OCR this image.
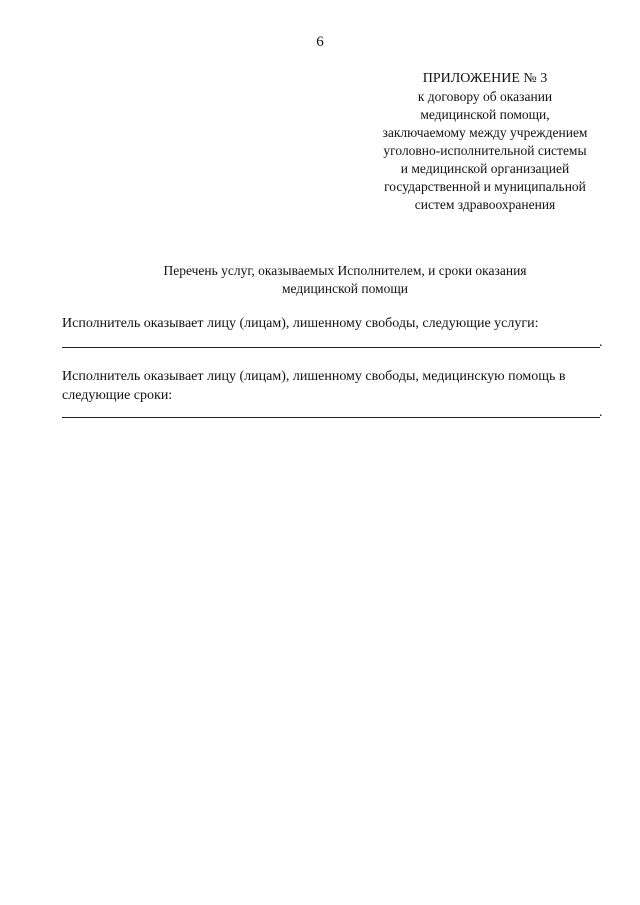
6
ПРИЛОЖЕНИЕ № 3
к договору об оказании
медицинской помощи,
заключаемому между учреждением
уголовно-исполнительной системы
и медицинской организацией
государственной и муниципальной
систем здравоохранения
Перечень услуг, оказываемых Исполнителем, и сроки оказания
медицинской помощи
Исполнитель оказывает лицу (лицам), лишенному свободы, следующие услуги:
.
Исполнитель оказывает лицу (лицам), лишенному свободы, медицинскую помощь в следующие сроки:
.
